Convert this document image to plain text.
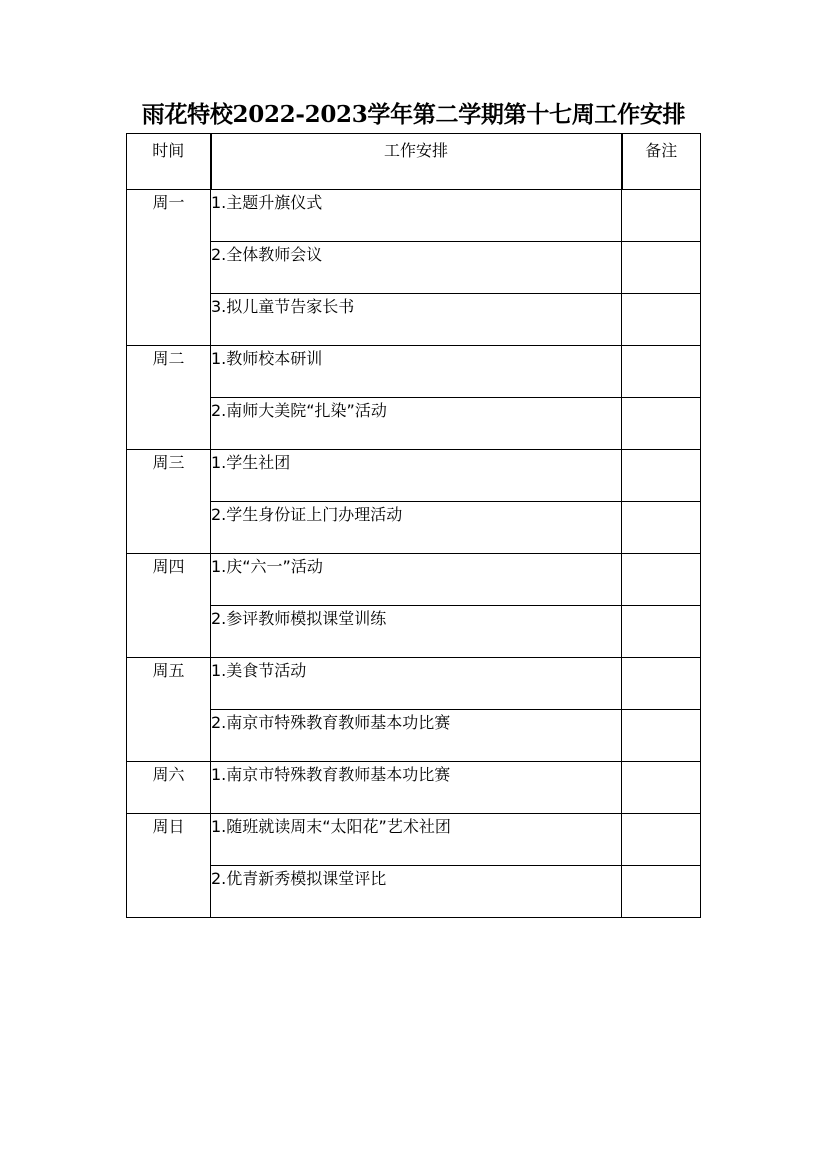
雨花特校2022-2023学年第二学期第十七周工作安排
时间	工作安排	备注
周一	1.主题升旗仪式	
	2.全体教师会议	
	3.拟儿童节告家长书	
周二	1.教师校本研训	
	2.南师大美院“扎染”活动	
周三	1.学生社团	
	2.学生身份证上门办理活动	
周四	1.庆“六一”活动	
	2.参评教师模拟课堂训练	
周五	1.美食节活动	
	2.南京市特殊教育教师基本功比赛	
周六	1.南京市特殊教育教师基本功比赛	
周日	1.随班就读周末“太阳花”艺术社团	
	2.优青新秀模拟课堂评比	
